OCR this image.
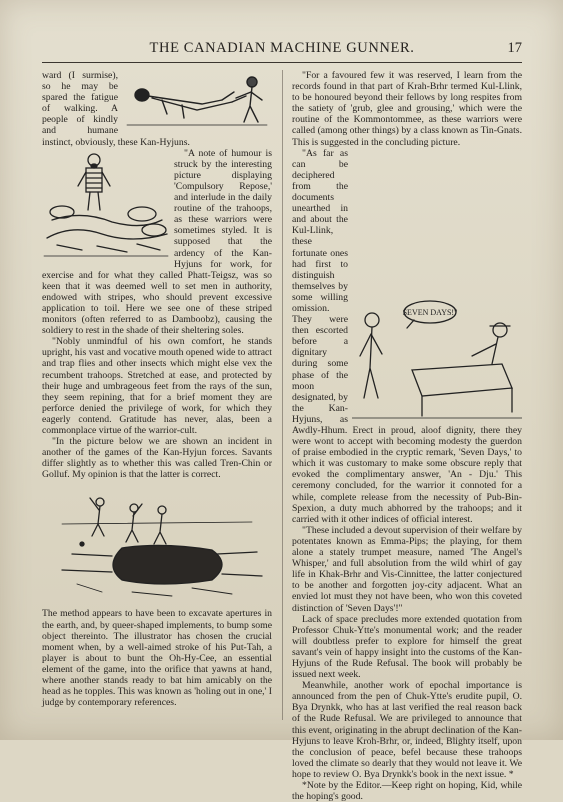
THE CANADIAN MACHINE GUNNER.	17

ward (I surmise), so he may be spared the fatigue of walking. A people of kindly and humane instinct, obviously, these Kan-Hyjuns.

"A note of humour is struck by the interesting picture displaying 'Compulsory Repose,' and interlude in the daily routine of the trahoops, as these warriors were sometimes styled. It is supposed that the ardency of the Kan-Hyjuns for work, for exercise and for what they called Phatt-Teigsz, was so keen that it was deemed well to set men in authority, endowed with stripes, who should prevent excessive application to toil. Here we see one of these striped monitors (often referred to as Damboobz), causing the soldiery to rest in the shade of their sheltering soles.

"Nobly unmindful of his own comfort, he stands upright, his vast and vocative mouth opened wide to attract and trap flies and other insects which might else vex the recumbent trahoops. Stretched at ease, and protected by their huge and umbrageous feet from the rays of the sun, they seem repining, that for a brief moment they are perforce denied the privilege of work, for which they eagerly contend. Gratitude has never, alas, been a commonplace virtue of the warrior-cult.

"In the picture below we are shown an incident in another of the games of the Kan-Hyjun forces. Savants differ slightly as to whether this was called Tren-Chin or Golluf. My opinion is that the latter is correct.

The method appears to have been to excavate apertures in the earth, and, by queer-shaped implements, to bump some object thereinto. The illustrator has chosen the crucial moment when, by a well-aimed stroke of his Put-Tah, a player is about to bunt the Oh-Hy-Cee, an essential element of the game, into the orifice that yawns at hand, where another stands ready to bat him amicably on the head as he topples. This was known as 'holing out in one,' I judge by contemporary references.

"For a favoured few it was reserved, I learn from the records found in that part of Krah-Brhr termed Kul-Llink, to be honoured beyond their fellows by long respites from the satiety of 'grub, glee and grousing,' which were the routine of the Kommontommee, as these warriors were called (among other things) by a class known as Tin-Gnats. This is suggested in the concluding picture.

SEVEN DAYS!"

"As far as can be deciphered from the documents unearthed in and about the Kul-Llink, these fortunate ones had first to distinguish themselves by some willing omission. They were then escorted before a dignitary during some phase of the moon designated, by the Kan-Hyjuns, as Awdly-Hhum. Erect in proud, aloof dignity, there they were wont to accept with becoming modesty the guerdon of praise embodied in the cryptic remark, 'Seven Days,' to which it was customary to make some obscure reply that evoked the complimentary answer, 'An - Dju.' This ceremony concluded, for the warrior it connoted for a while, complete release from the necessity of Pub-Bin-Spexion, a duty much abhorred by the trahoops; and it carried with it other indices of official interest.

"These included a devout supervision of their welfare by potentates known as Emma-Pips; the playing, for them alone a stately trumpet measure, named 'The Angel's Whisper,' and full absolution from the wild whirl of gay life in Khak-Brhr and Vis-Cinnittee, the latter conjectured to be another and forgotten joy-city adjacent. What an envied lot must they not have been, who won this coveted distinction of 'Seven Days'!"

Lack of space precludes more extended quotation from Professor Chuk-Ytte's monumental work; and the reader will doubtless prefer to explore for himself the great savant's vein of happy insight into the customs of the Kan-Hyjuns of the Rude Refusal. The book will probably be issued next week.

Meanwhile, another work of epochal importance is announced from the pen of Chuk-Ytte's erudite pupil, O. Bya Drynkk, who has at last verified the real reason back of the Rude Refusal. We are privileged to announce that this event, originating in the abrupt declination of the Kan-Hyjuns to leave Kroh-Brhr, or, indeed, Blighty itself, upon the conclusion of peace, befel because these trahoops loved the climate so dearly that they would not leave it. We hope to review O. Bya Drynkk's book in the next issue. *

*Note by the Editor.—Keep right on hoping, Kid, while the hoping's good.
